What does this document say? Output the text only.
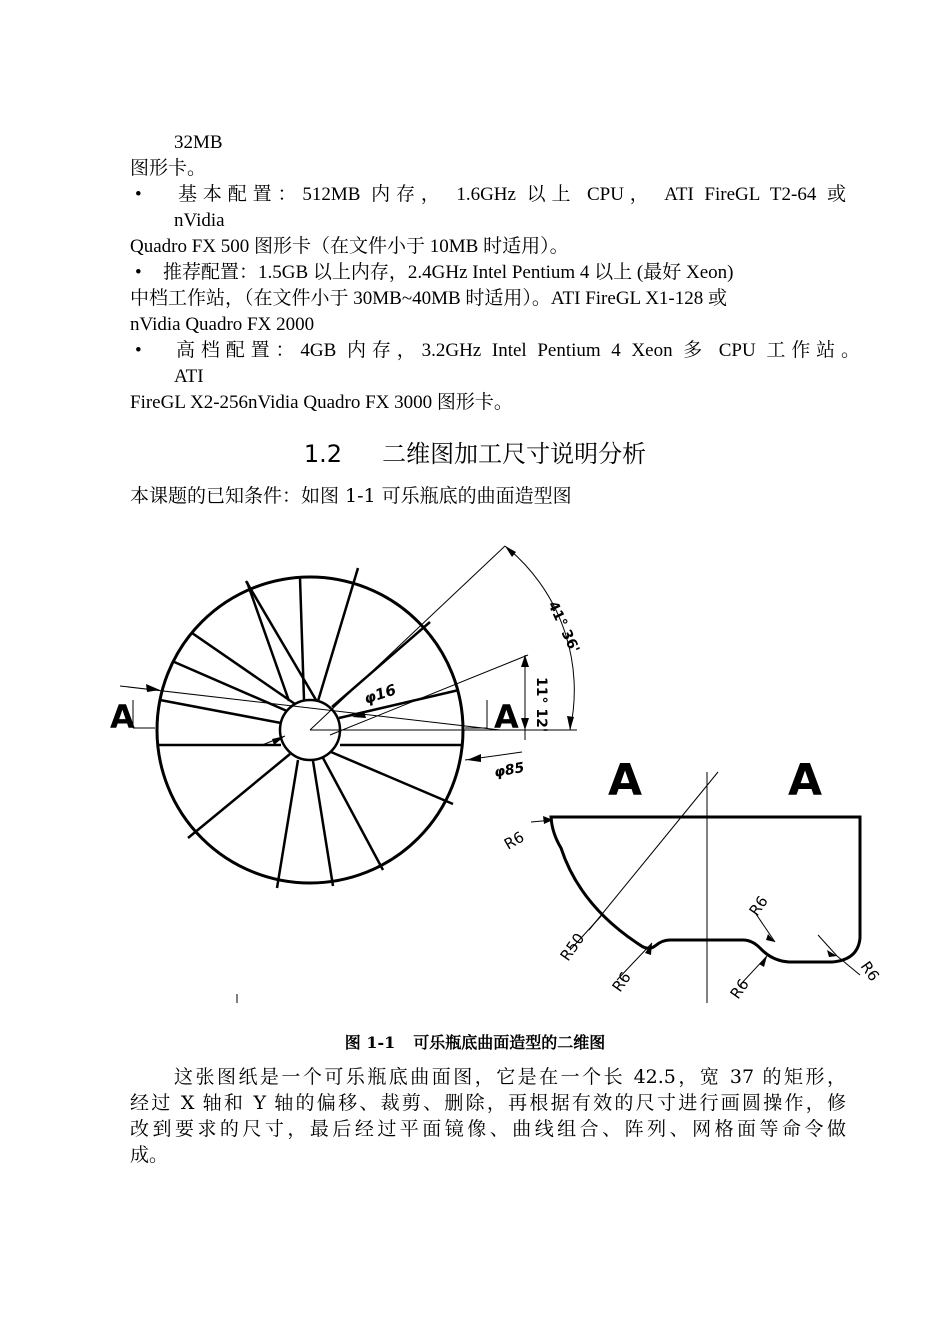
32MB
图形卡。
• 基本配置：512MB 内存， 1.6GHz 以上 CPU， ATI FireGL T2-64 或
nVidia
Quadro FX 500 图形卡（在文件小于 10MB 时适用）。
• 推荐配置：1.5GB 以上内存，2.4GHz Intel Pentium 4 以上 (最好 Xeon)
中档工作站，（在文件小于 30MB~40MB 时适用）。ATI FireGL X1-128 或
nVidia Quadro FX 2000
• 高档配置：4GB 内存，3.2GHz Intel Pentium 4 Xeon 多 CPU 工作站。
ATI
FireGL X2-256nVidia Quadro FX 3000 图形卡。
1.2 二维图加工尺寸说明分析
本课题的已知条件：如图 1-1 可乐瓶底的曲面造型图
A	A
φ16
φ85
41° 36'
11° 12'
A	A
R6
R50
R6
R6
R6
R6
图 1-1 可乐瓶底曲面造型的二维图
这张图纸是一个可乐瓶底曲面图，它是在一个长 42.5，宽 37 的矩形，
经过 X 轴和 Y 轴的偏移、裁剪、删除，再根据有效的尺寸进行画圆操作，修
改到要求的尺寸，最后经过平面镜像、曲线组合、阵列、网格面等命令做
成。
